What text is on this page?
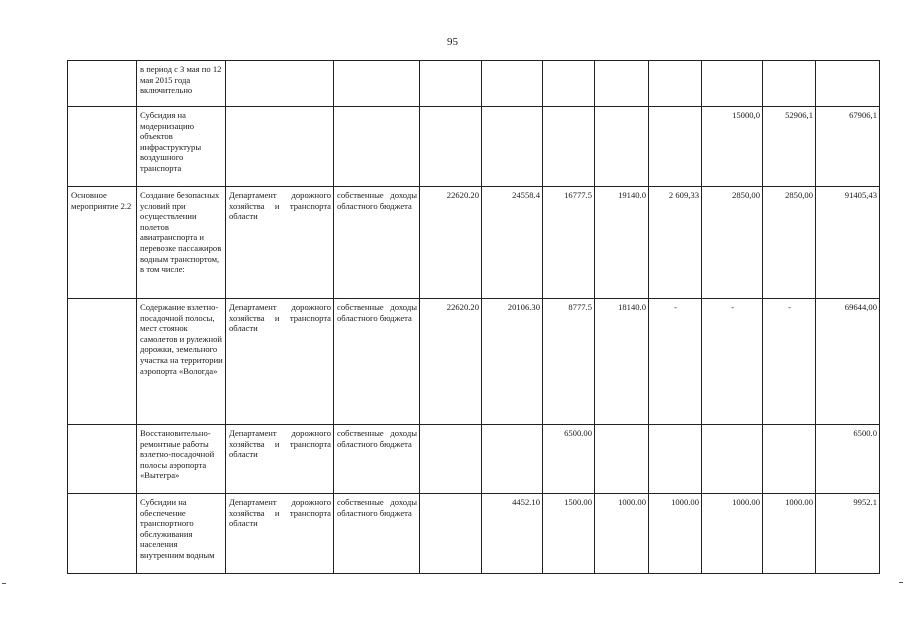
95
	в период с 3 мая по 12 мая 2015 года включительно										
	Субсидия на модернизацию объектов инфраструктуры воздушного транспорта								15000,0	52906,1	67906,1
Основное мероприятие 2.2	Создание безопасных условий при осуществлении полетов авиатранспорта и перевозке пассажиров водным транспортом, в том числе:	Департамент дорожного хозяйства и транспорта области	собственные доходы областного бюджета	22620.20	24558.4	16777.5	19140.0	2 609,33	2850,00	2850,00	91405,43
	Содержание взлетно-посадочной полосы, мест стоянок самолетов и рулежной дорожки, земельного участка на территории аэропорта «Вологда»	Департамент дорожного хозяйства и транспорта области	собственные доходы областного бюджета	22620.20	20106.30	8777.5	18140.0	-	-	-	69644,00
	Восстановительно-ремонтные работы взлетно-посадочной полосы аэропорта «Вытегра»	Департамент дорожного хозяйства и транспорта области	собственные доходы областного бюджета			6500.00					6500.0
	Субсидии на обеспечение транспортного обслуживания населения внутренним водным	Департамент дорожного хозяйства и транспорта области	собственные доходы областного бюджета		4452.10	1500.00	1000.00	1000.00	1000.00	1000.00	9952.1
